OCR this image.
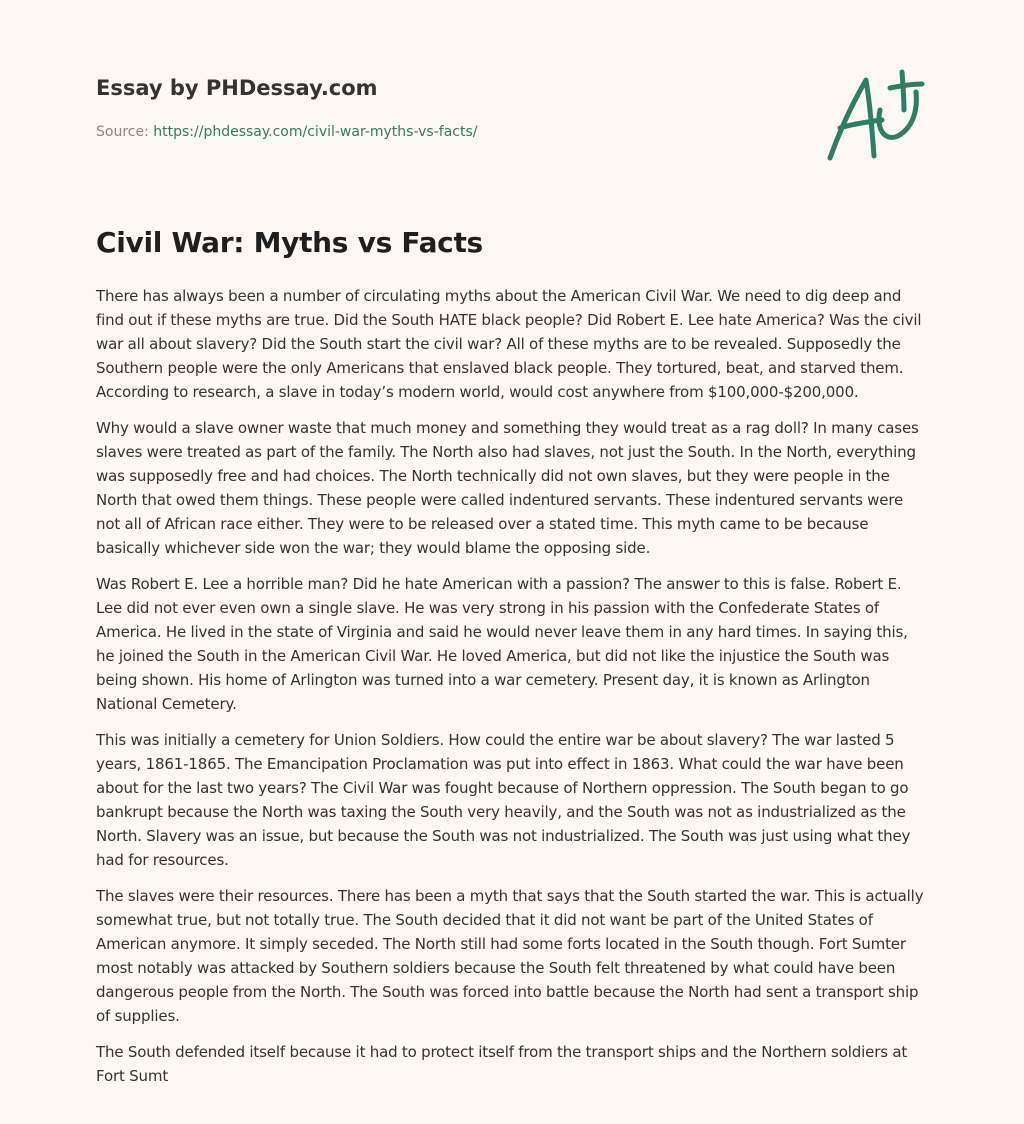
Essay by PHDessay.com
Source: https://phdessay.com/civil-war-myths-vs-facts/
Civil War: Myths vs Facts

There has always been a number of circulating myths about the American Civil War. We need to dig deep and find out if these myths are true. Did the South HATE black people? Did Robert E. Lee hate America? Was the civil war all about slavery? Did the South start the civil war? All of these myths are to be revealed. Supposedly the Southern people were the only Americans that enslaved black people. They tortured, beat, and starved them. According to research, a slave in today’s modern world, would cost anywhere from $100,000-$200,000.

Why would a slave owner waste that much money and something they would treat as a rag doll? In many cases slaves were treated as part of the family. The North also had slaves, not just the South. In the North, everything was supposedly free and had choices. The North technically did not own slaves, but they were people in the North that owed them things. These people were called indentured servants. These indentured servants were not all of African race either. They were to be released over a stated time. This myth came to be because basically whichever side won the war; they would blame the opposing side.

Was Robert E. Lee a horrible man? Did he hate American with a passion? The answer to this is false. Robert E. Lee did not ever even own a single slave. He was very strong in his passion with the Confederate States of America. He lived in the state of Virginia and said he would never leave them in any hard times. In saying this, he joined the South in the American Civil War. He loved America, but did not like the injustice the South was being shown. His home of Arlington was turned into a war cemetery. Present day, it is known as Arlington National Cemetery.

This was initially a cemetery for Union Soldiers. How could the entire war be about slavery? The war lasted 5 years, 1861-1865. The Emancipation Proclamation was put into effect in 1863. What could the war have been about for the last two years? The Civil War was fought because of Northern oppression. The South began to go bankrupt because the North was taxing the South very heavily, and the South was not as industrialized as the North. Slavery was an issue, but because the South was not industrialized. The South was just using what they had for resources.

The slaves were their resources. There has been a myth that says that the South started the war. This is actually somewhat true, but not totally true. The South decided that it did not want be part of the United States of American anymore. It simply seceded. The North still had some forts located in the South though. Fort Sumter most notably was attacked by Southern soldiers because the South felt threatened by what could have been dangerous people from the North. The South was forced into battle because the North had sent a transport ship of supplies.

The South defended itself because it had to protect itself from the transport ships and the Northern soldiers at Fort Sumt
